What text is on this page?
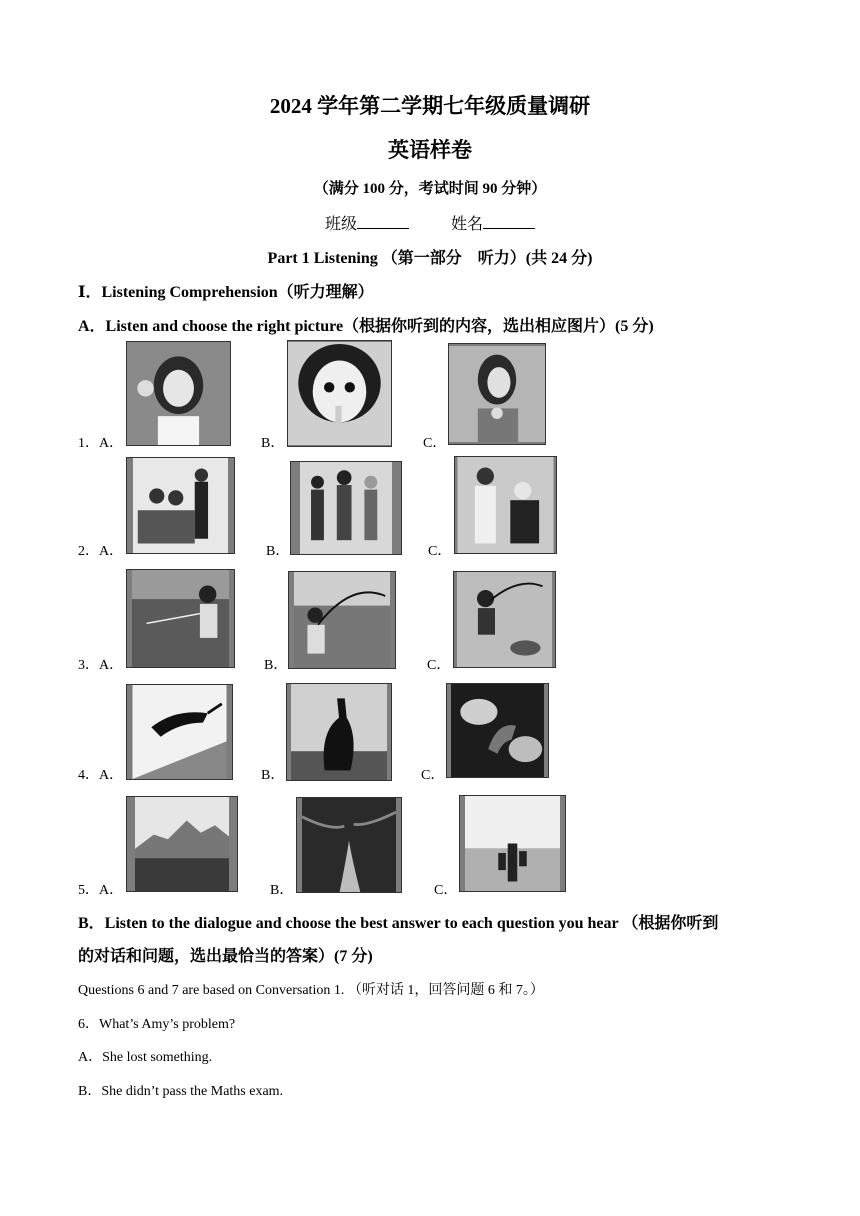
2024 学年第二学期七年级质量调研
英语样卷
（满分 100 分，考试时间 90 分钟）
班级	姓名
Part 1 Listening （第一部分　听力）(共 24 分)
Ⅰ．Listening Comprehension（听力理解）
A．Listen and choose the right picture（根据你听到的内容，选出相应图片）(5 分)
1．A．	B．	C．
2．A．	B．	C．
3．A．	B．	C．
4．A．	B．	C．
5．A．	B．	C．
B．Listen to the dialogue and choose the best answer to each question you hear （根据你听到
的对话和问题，选出最恰当的答案）(7 分)
Questions 6 and 7 are based on Conversation 1. （听对话 1，回答问题 6 和 7。）
6．What’s Amy’s problem?
A．She lost something.
B．She didn’t pass the Maths exam.
